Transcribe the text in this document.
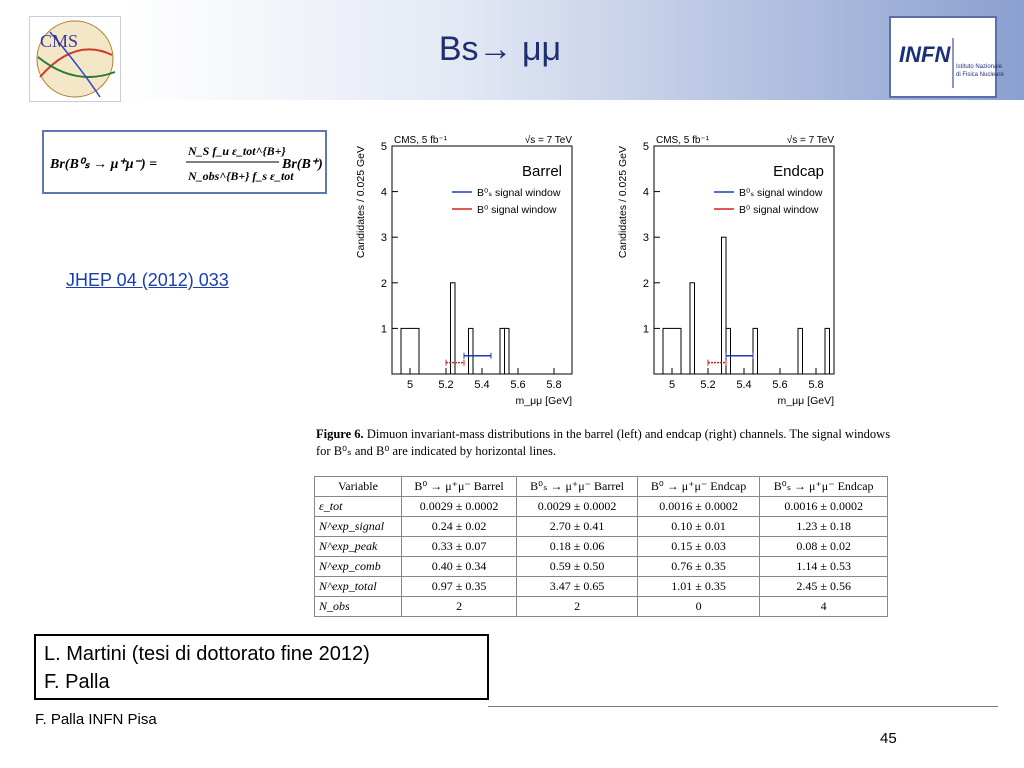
CMS
INFN Istituto Nazionale
di Fisica Nucleare
Bs→ μμ
Br(B⁰ₛ → μ⁺μ⁻) =
N_S f_u ε_tot^{B+}
N_obs^{B+} f_s ε_tot
Br(B⁺)
JHEP 04 (2012) 033
CMS, 5 fb⁻¹	√s = 7 TeV
Barrel
B⁰ₛ signal window
B⁰ signal window
5 5.2 5.4 5.6 5.8
1
2
3
4
5
m_μμ [GeV]
Candidates / 0.025 GeV
CMS, 5 fb⁻¹	√s = 7 TeV
Endcap
B⁰ₛ signal window
B⁰ signal window
5 5.2 5.4 5.6 5.8
1
2
3
4
5
m_μμ [GeV]
Candidates / 0.025 GeV
Figure 6. Dimuon invariant-mass distributions in the barrel (left) and endcap (right) channels. The signal windows for B⁰ₛ and B⁰ are indicated by horizontal lines.
Variable	B⁰ → μ⁺μ⁻ Barrel	B⁰ₛ → μ⁺μ⁻ Barrel	B⁰ → μ⁺μ⁻ Endcap	B⁰ₛ → μ⁺μ⁻ Endcap
ε_tot	0.0029 ± 0.0002	0.0029 ± 0.0002	0.0016 ± 0.0002	0.0016 ± 0.0002
N^exp_signal	0.24 ± 0.02	2.70 ± 0.41	0.10 ± 0.01	1.23 ± 0.18
N^exp_peak	0.33 ± 0.07	0.18 ± 0.06	0.15 ± 0.03	0.08 ± 0.02
N^exp_comb	0.40 ± 0.34	0.59 ± 0.50	0.76 ± 0.35	1.14 ± 0.53
N^exp_total	0.97 ± 0.35	3.47 ± 0.65	1.01 ± 0.35	2.45 ± 0.56
N_obs	2	2	0	4
L. Martini (tesi di dottorato fine 2012)
F. Palla
F. Palla INFN Pisa
45
